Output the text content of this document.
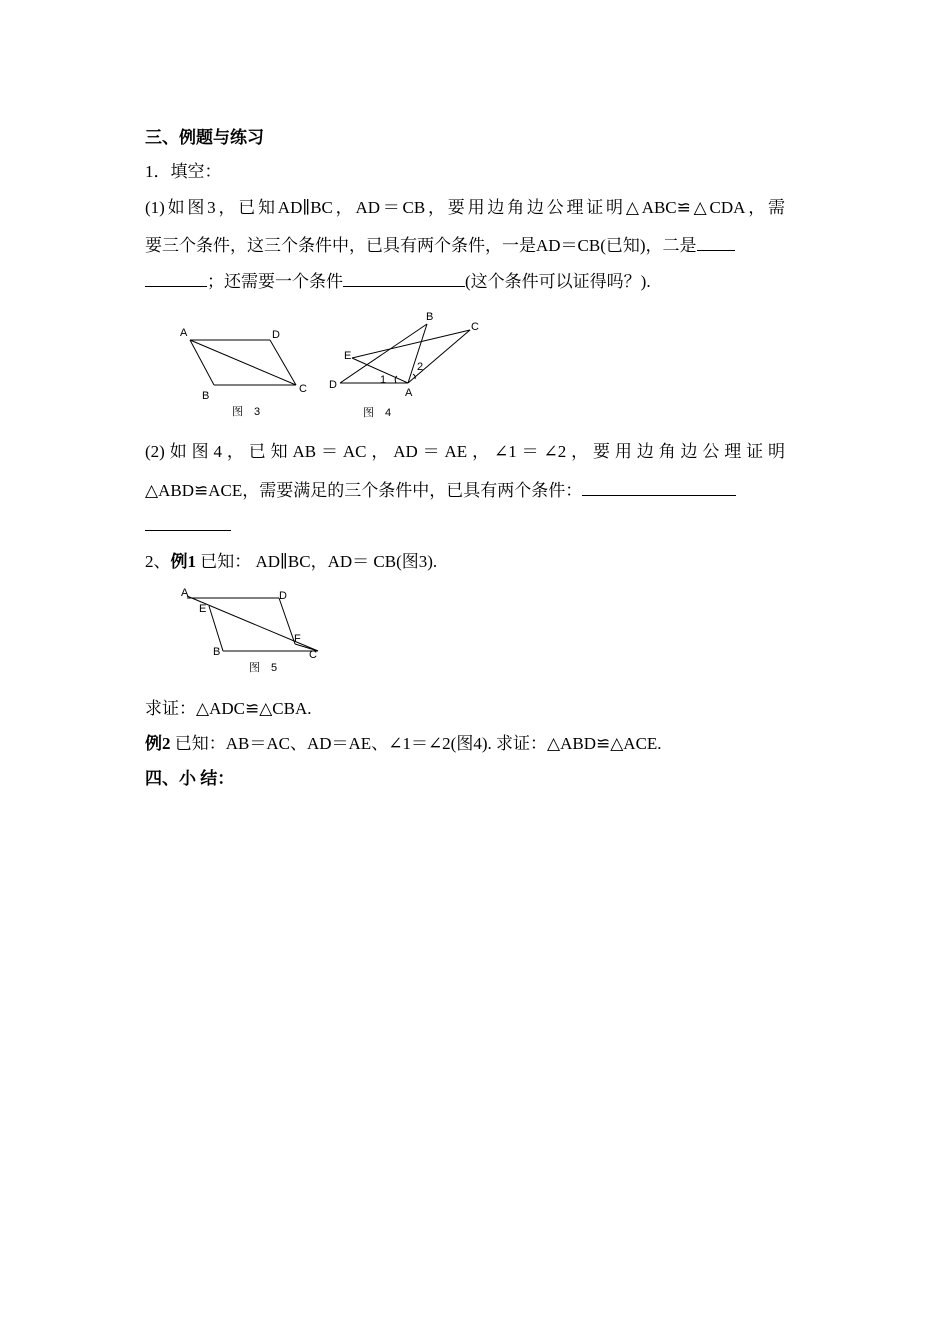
三、例题与练习
1．填空：
(1)如图3，已知AD∥BC，AD＝CB，要用边角边公理证明△ABC≌△CDA，需
要三个条件，这三个条件中，已具有两个条件，一是AD＝CB(已知)，二是
；还需要一个条件	(这个条件可以证得吗？).
A	D
B
C
图　3
B
C
E
D
A
1
2
图　4
(2)如图4，已知AB＝AC，AD＝AE，∠1＝∠2，要用边角边公理证明
△ABD≌ACE，需要满足的三个条件中，已具有两个条件：
2、例1 已知： AD∥BC，AD＝ CB(图3).
A	D
E
F
B	C
图　5
求证：△ADC≌△CBA.
例2 已知：AB＝AC、AD＝AE、∠1＝∠2(图4). 求证：△ABD≌△ACE.
四、小 结：
